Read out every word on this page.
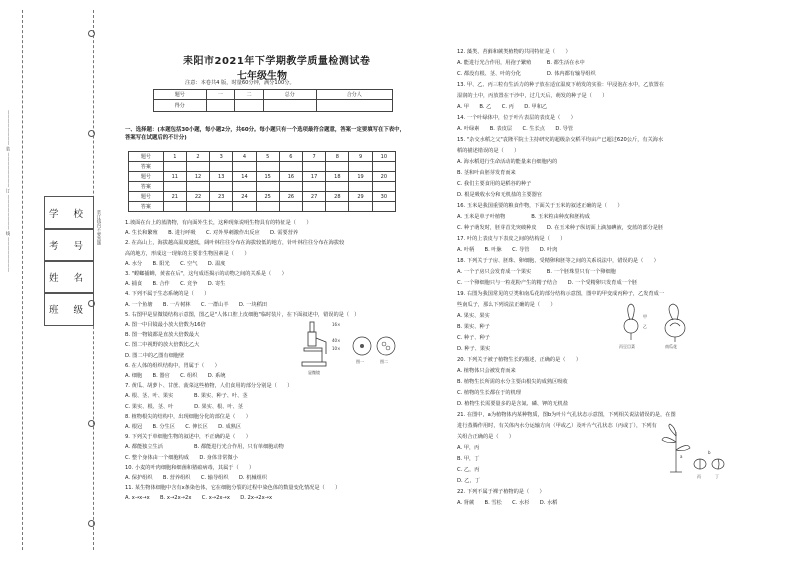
———————— 装 ———————— 订 ———————— 线 ————————	学 校
考 号
姓 名
班 级
装订线内不要答题
耒阳市2021年下学期教学质量检测试卷
七年级生物
注意：本卷共4 版，时量60分钟，满分100分。
题号	一	二	总分	合分人
得分				
一、选择题：(本题包括30小题，每小题2分，共60分。每小题只有一个选项最符合题意，答案一定要填写在下表中，答案写在试题后的不计分)
题号	1	2	3	4	5	6	7	8	9	10
答案										
题号	11	12	13	14	15	16	17	18	19	20
答案										
题号	21	22	23	24	25	26	27	28	29	30
答案										
1.坡面在台上的蓝鹃物，有向面外生长，这种现象说明生物具有的特征是（　　）
A. 生长和繁殖　　B. 进行呼吸　　C. 对外界刺激作出反应　　D. 需要营养
2. 在高山上，海拔越高温度越低，阔叶林往往分布在海拔较低的地方，针叶林往往分布在海拔较
高的地方，形成这一现象的主要非生物因素是（　　）
A. 水分　　B. 阳光　　C. 空气　　D. 温度
3. "螳螂捕蝉，黄雀在后"，这句成语揭示的动物之间的关系是（　　）
A. 捕食　　B. 合作　　C. 竞争　　D. 寄生
4. 下列不属于生态系统的是（　　）
A. 一个鱼塘　　B. 一片树林　　C. 一群山羊　　D. 一块稻田
5. 右图甲是显微镜结构示意图，图乙是"人体口腔上皮细胞"临时装片，在下面叙述中，错误的是（　）
A. 图一中目镜最小放大倍数为16倍
B. 图一物镜都是直放大倍数最大
C. 图二中视野的放大倍数比乙大
D. 图二中的乙图有细胞壁
6. 在人体的组织结构中，胃属于（　　）
A. 细胞　　B. 器官　　C. 组织　　D. 系统
7. 黄瓜、胡萝卜、甘蔗、菠菜这些植物，人们食用的部分分别是（　　）
A. 根、茎、叶、果实　　　　B. 果实、种子、叶、茎
C. 果实、根、茎、叶　　　　D. 果实、根、叶、茎
8. 植物根尖的结构中，出现细胞分化的部位是（　　）
A. 根冠　　B. 分生区　　C. 伸长区　　D. 成熟区
9. 下列关于单细胞生物的叙述中，不正确的是（　　）
A. 都能独立生活　　　　　　B. 都能进行光合作用，只有单细胞动物
C. 整个身体由一个细胞构成　　D. 身体非常微小
10. 小麦的叶肉细胞和细菌和猪瘟病毒，其属于（　　）
A. 保护组织　　B. 营养组织　　C. 输导组织　　D. 机械组织
11. 某生物体细胞中含有x条染色体，它在细胞分裂的过程中染色体的数量变化情况是（　　）
A. x→x→x　　B. x→2x→2x　　C. x→2x→x　　D. 2x→2x→x
16×
40×
10×
显微镜
图一	图二
12. 藻类、苔藓和蕨类植物的共同特征是（　　）
A. 能进行光合作用，用孢子繁殖　　　B. 都生活在水中
C. 都没有根、茎、叶的分化　　　　　D. 体内都有输导组织
13. 甲、乙、丙三粒有生活力的种子放在适宜温度下萌发的实验：甲浸泡在水中，乙放置在
湿润的土中，丙放置在干沙中，过几天后，萌发的种子是（　　）
A. 甲　　B. 乙　　C. 丙　　D. 甲和乙
14. 一个叶绿体中，位于叶片表层的表皮是（　　）
A. 叶绿素　　B. 表皮层　　C. 生长点　　D. 导管
15. "杂交水稻之父"袁隆平院士主持研究的超级杂交稻平均亩产已超过620公斤，有关海水
稻的描述错误的是（　　）
A. 海水稻进行生命活动的能量来自细胞内的
B. 茎和叶由胚芽发育而来
C. 我们主要食用的是稻谷的种子
D. 根是吸收水分和无机盐的主要器官
16. 玉米是我国重要的粮食作物，下面关于玉米的叙述正确的是（　　）
A. 玉米是单子叶植物　　　　　B. 玉米粒由种皮和胚构成
C. 种子萌发时，胚芽首先突破种皮　　D. 在玉米种子纵切面上滴加碘液，变蓝的部分是胚
17. 叶的上表皮与下表皮之间的结构是（　　）
A. 叶柄　　B. 叶脉　　C. 导管　　D. 叶肉
18. 下列关于子房、胚珠、卵细胞、受精卵和胚等之间的关系说法中，错误的是（　　）
A. 一个子房只会发育成一个果实　　　B. 一个胚珠里只有一个卵细胞
C. 一个卵细胞只与一粒花粉产生的精子结合　　D. 一个受精卵只发育成一个胚
19. 右图为我国常见的豆类和南瓜花的部分结构示意图，图中的甲变成丙种子，乙发育成一
些南瓜子，那么下列说法正确的是（　　）
A. 果实、果实
B. 果实、种子
C. 种子、种子
D. 种子、果实
20. 下列关于被子植物生长的描述，正确的是（　　）
A. 植物体只会被发育而来
B. 植物生长所需的水分主要由根尖的成熟区吸收
C. 植物的生长都在于的机理
D. 植物生长需要量多的是含氮、磷、钾的无机盐
21. 在图中，a为植物体内某种物质，图b为叶片气孔状态示意图，下列相关说法错误的是，在图
进行蒸腾作用时，有关体内水分运输方向（甲或乙）及叶片气孔状态（丙或丁），下列有
关组合正确的是（　　）
A. 甲，丙
B. 甲，丁
C. 乙，丙
D. 乙，丁
22. 下列不属于裸子植物的是（　　）
A. 肾蕨　　B. 雪松　　C. 水杉　　D. 水稻
甲
乙
丙豆目菜	南瓜花
a
丙	丁
b
